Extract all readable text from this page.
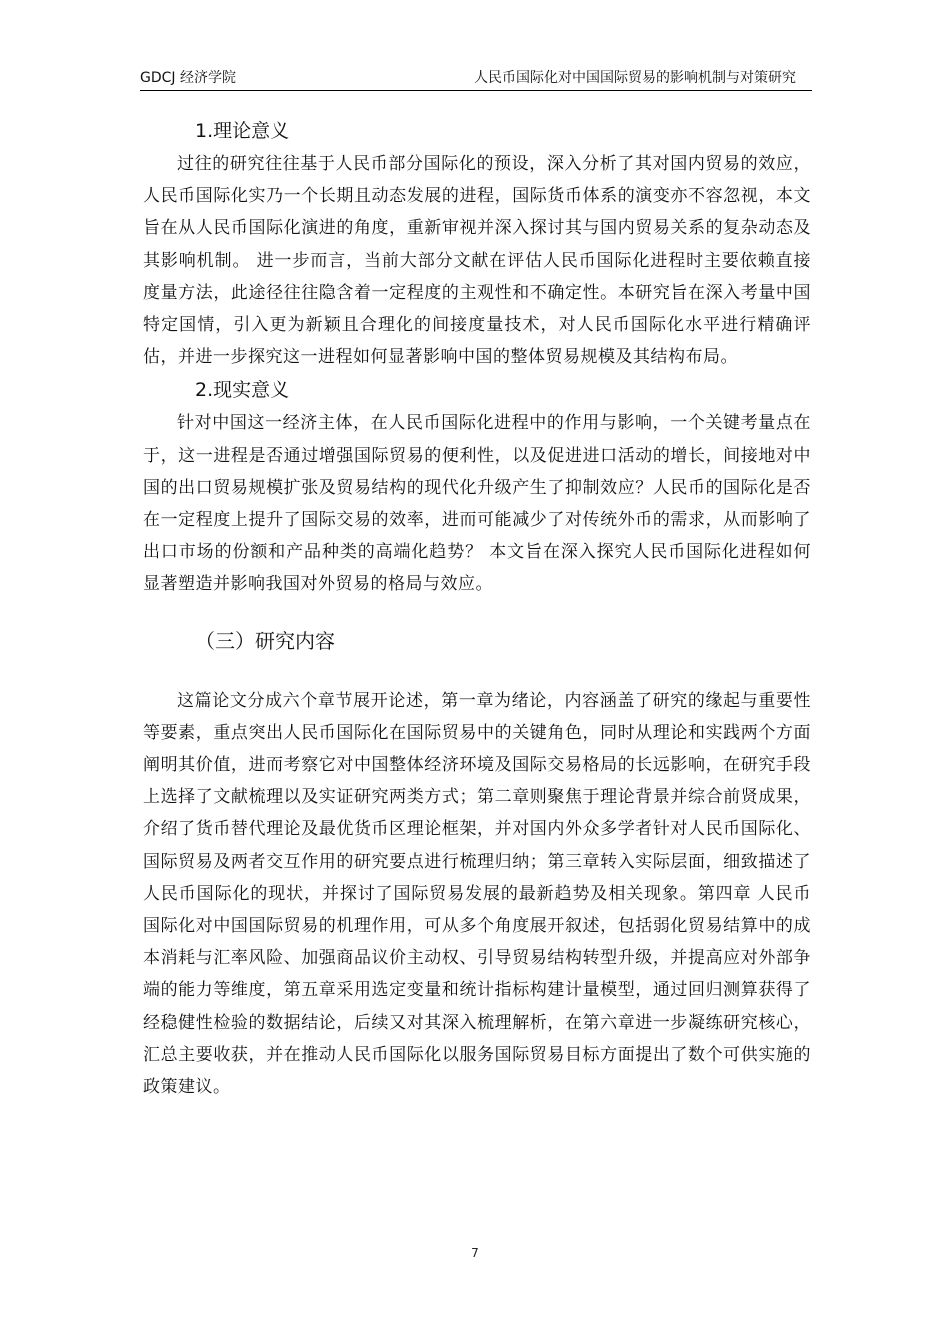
GDCJ 经济学院	人民币国际化对中国国际贸易的影响机制与对策研究
1.理论意义

过往的研究往往基于人民币部分国际化的预设，深入分析了其对国内贸易的效应，人民币国际化实乃一个长期且动态发展的进程，国际货币体系的演变亦不容忽视，本文旨在从人民币国际化演进的角度，重新审视并深入探讨其与国内贸易关系的复杂动态及其影响机制。 进一步而言，当前大部分文献在评估人民币国际化进程时主要依赖直接度量方法，此途径往往隐含着一定程度的主观性和不确定性。本研究旨在深入考量中国特定国情，引入更为新颖且合理化的间接度量技术，对人民币国际化水平进行精确评估，并进一步探究这一进程如何显著影响中国的整体贸易规模及其结构布局。

2.现实意义

针对中国这一经济主体，在人民币国际化进程中的作用与影响，一个关键考量点在于，这一进程是否通过增强国际贸易的便利性，以及促进进口活动的增长，间接地对中国的出口贸易规模扩张及贸易结构的现代化升级产生了抑制效应？人民币的国际化是否在一定程度上提升了国际交易的效率，进而可能减少了对传统外币的需求，从而影响了出口市场的份额和产品种类的高端化趋势？ 本文旨在深入探究人民币国际化进程如何显著塑造并影响我国对外贸易的格局与效应。

（三）研究内容

这篇论文分成六个章节展开论述，第一章为绪论，内容涵盖了研究的缘起与重要性等要素，重点突出人民币国际化在国际贸易中的关键角色，同时从理论和实践两个方面阐明其价值，进而考察它对中国整体经济环境及国际交易格局的长远影响，在研究手段上选择了文献梳理以及实证研究两类方式；第二章则聚焦于理论背景并综合前贤成果，介绍了货币替代理论及最优货币区理论框架，并对国内外众多学者针对人民币国际化、国际贸易及两者交互作用的研究要点进行梳理归纳；第三章转入实际层面，细致描述了人民币国际化的现状，并探讨了国际贸易发展的最新趋势及相关现象。第四章 人民币国际化对中国国际贸易的机理作用，可从多个角度展开叙述，包括弱化贸易结算中的成本消耗与汇率风险、加强商品议价主动权、引导贸易结构转型升级，并提高应对外部争端的能力等维度，第五章采用选定变量和统计指标构建计量模型，通过回归测算获得了经稳健性检验的数据结论，后续又对其深入梳理解析，在第六章进一步凝练研究核心，汇总主要收获，并在推动人民币国际化以服务国际贸易目标方面提出了数个可供实施的政策建议。

7
